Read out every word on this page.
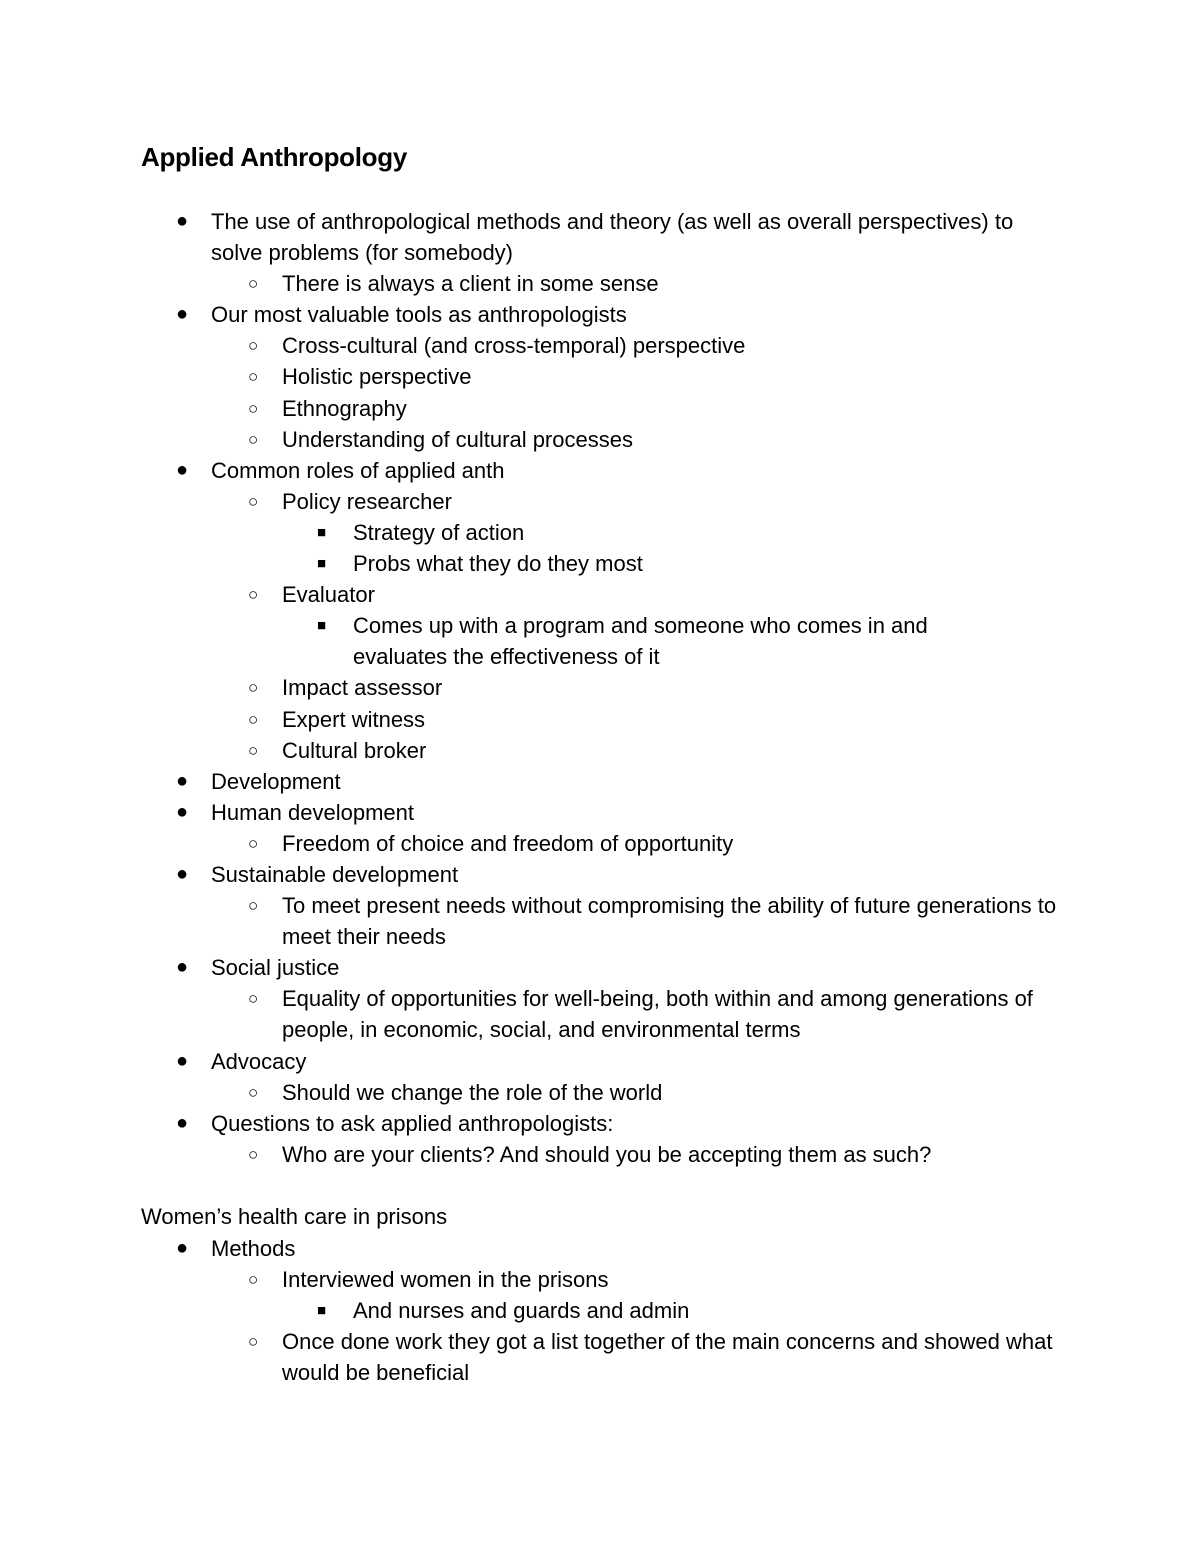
Applied Anthropology
● The use of anthropological methods and theory (as well as overall perspectives) to solve problems (for somebody)
○ There is always a client in some sense
● Our most valuable tools as anthropologists
○ Cross-cultural (and cross-temporal) perspective
○ Holistic perspective
○ Ethnography
○ Understanding of cultural processes
● Common roles of applied anth
○ Policy researcher
■ Strategy of action
■ Probs what they do they most
○ Evaluator
■ Comes up with a program and someone who comes in and evaluates the effectiveness of it
○ Impact assessor
○ Expert witness
○ Cultural broker
● Development
● Human development
○ Freedom of choice and freedom of opportunity
● Sustainable development
○ To meet present needs without compromising the ability of future generations to meet their needs
● Social justice
○ Equality of opportunities for well-being, both within and among generations of people, in economic, social, and environmental terms
● Advocacy
○ Should we change the role of the world
● Questions to ask applied anthropologists:
○ Who are your clients? And should you be accepting them as such?
Women’s health care in prisons
● Methods
○ Interviewed women in the prisons
■ And nurses and guards and admin
○ Once done work they got a list together of the main concerns and showed what would be beneficial
